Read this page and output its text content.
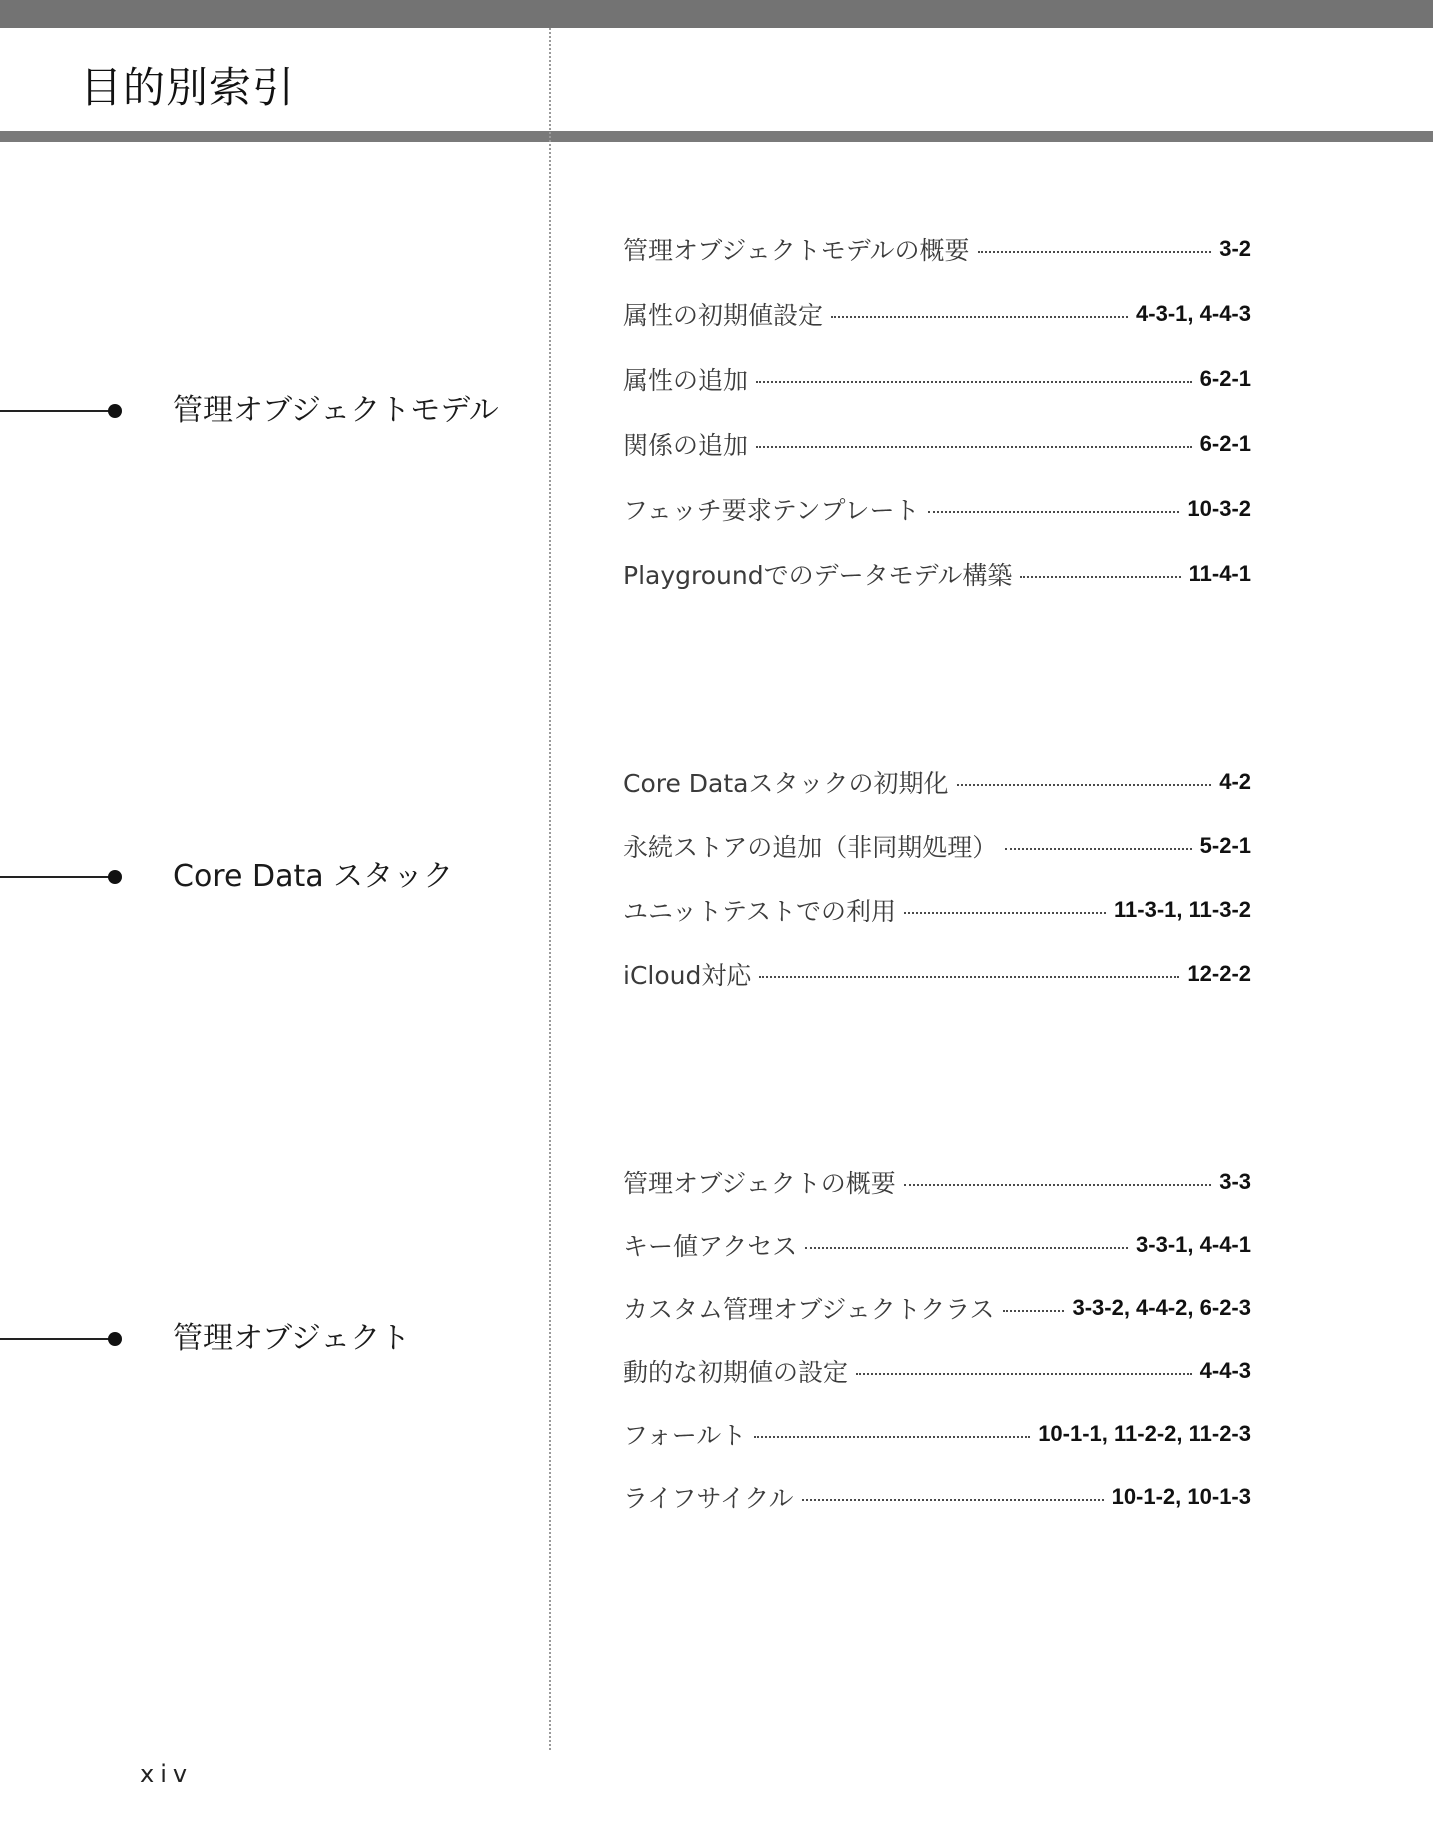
目的別索引
管理オブジェクトモデル
管理オブジェクトモデルの概要	3-2
属性の初期値設定	4-3-1, 4-4-3
属性の追加	6-2-1
関係の追加	6-2-1
フェッチ要求テンプレート	10-3-2
Playgroundでのデータモデル構築	11-4-1
Core Data スタック
Core Dataスタックの初期化	4-2
永続ストアの追加（非同期処理）	5-2-1
ユニットテストでの利用	11-3-1, 11-3-2
iCloud対応	12-2-2
管理オブジェクト
管理オブジェクトの概要	3-3
キー値アクセス	3-3-1, 4-4-1
カスタム管理オブジェクトクラス	3-3-2, 4-4-2, 6-2-3
動的な初期値の設定	4-4-3
フォールト	10-1-1, 11-2-2, 11-2-3
ライフサイクル	10-1-2, 10-1-3
xiv
